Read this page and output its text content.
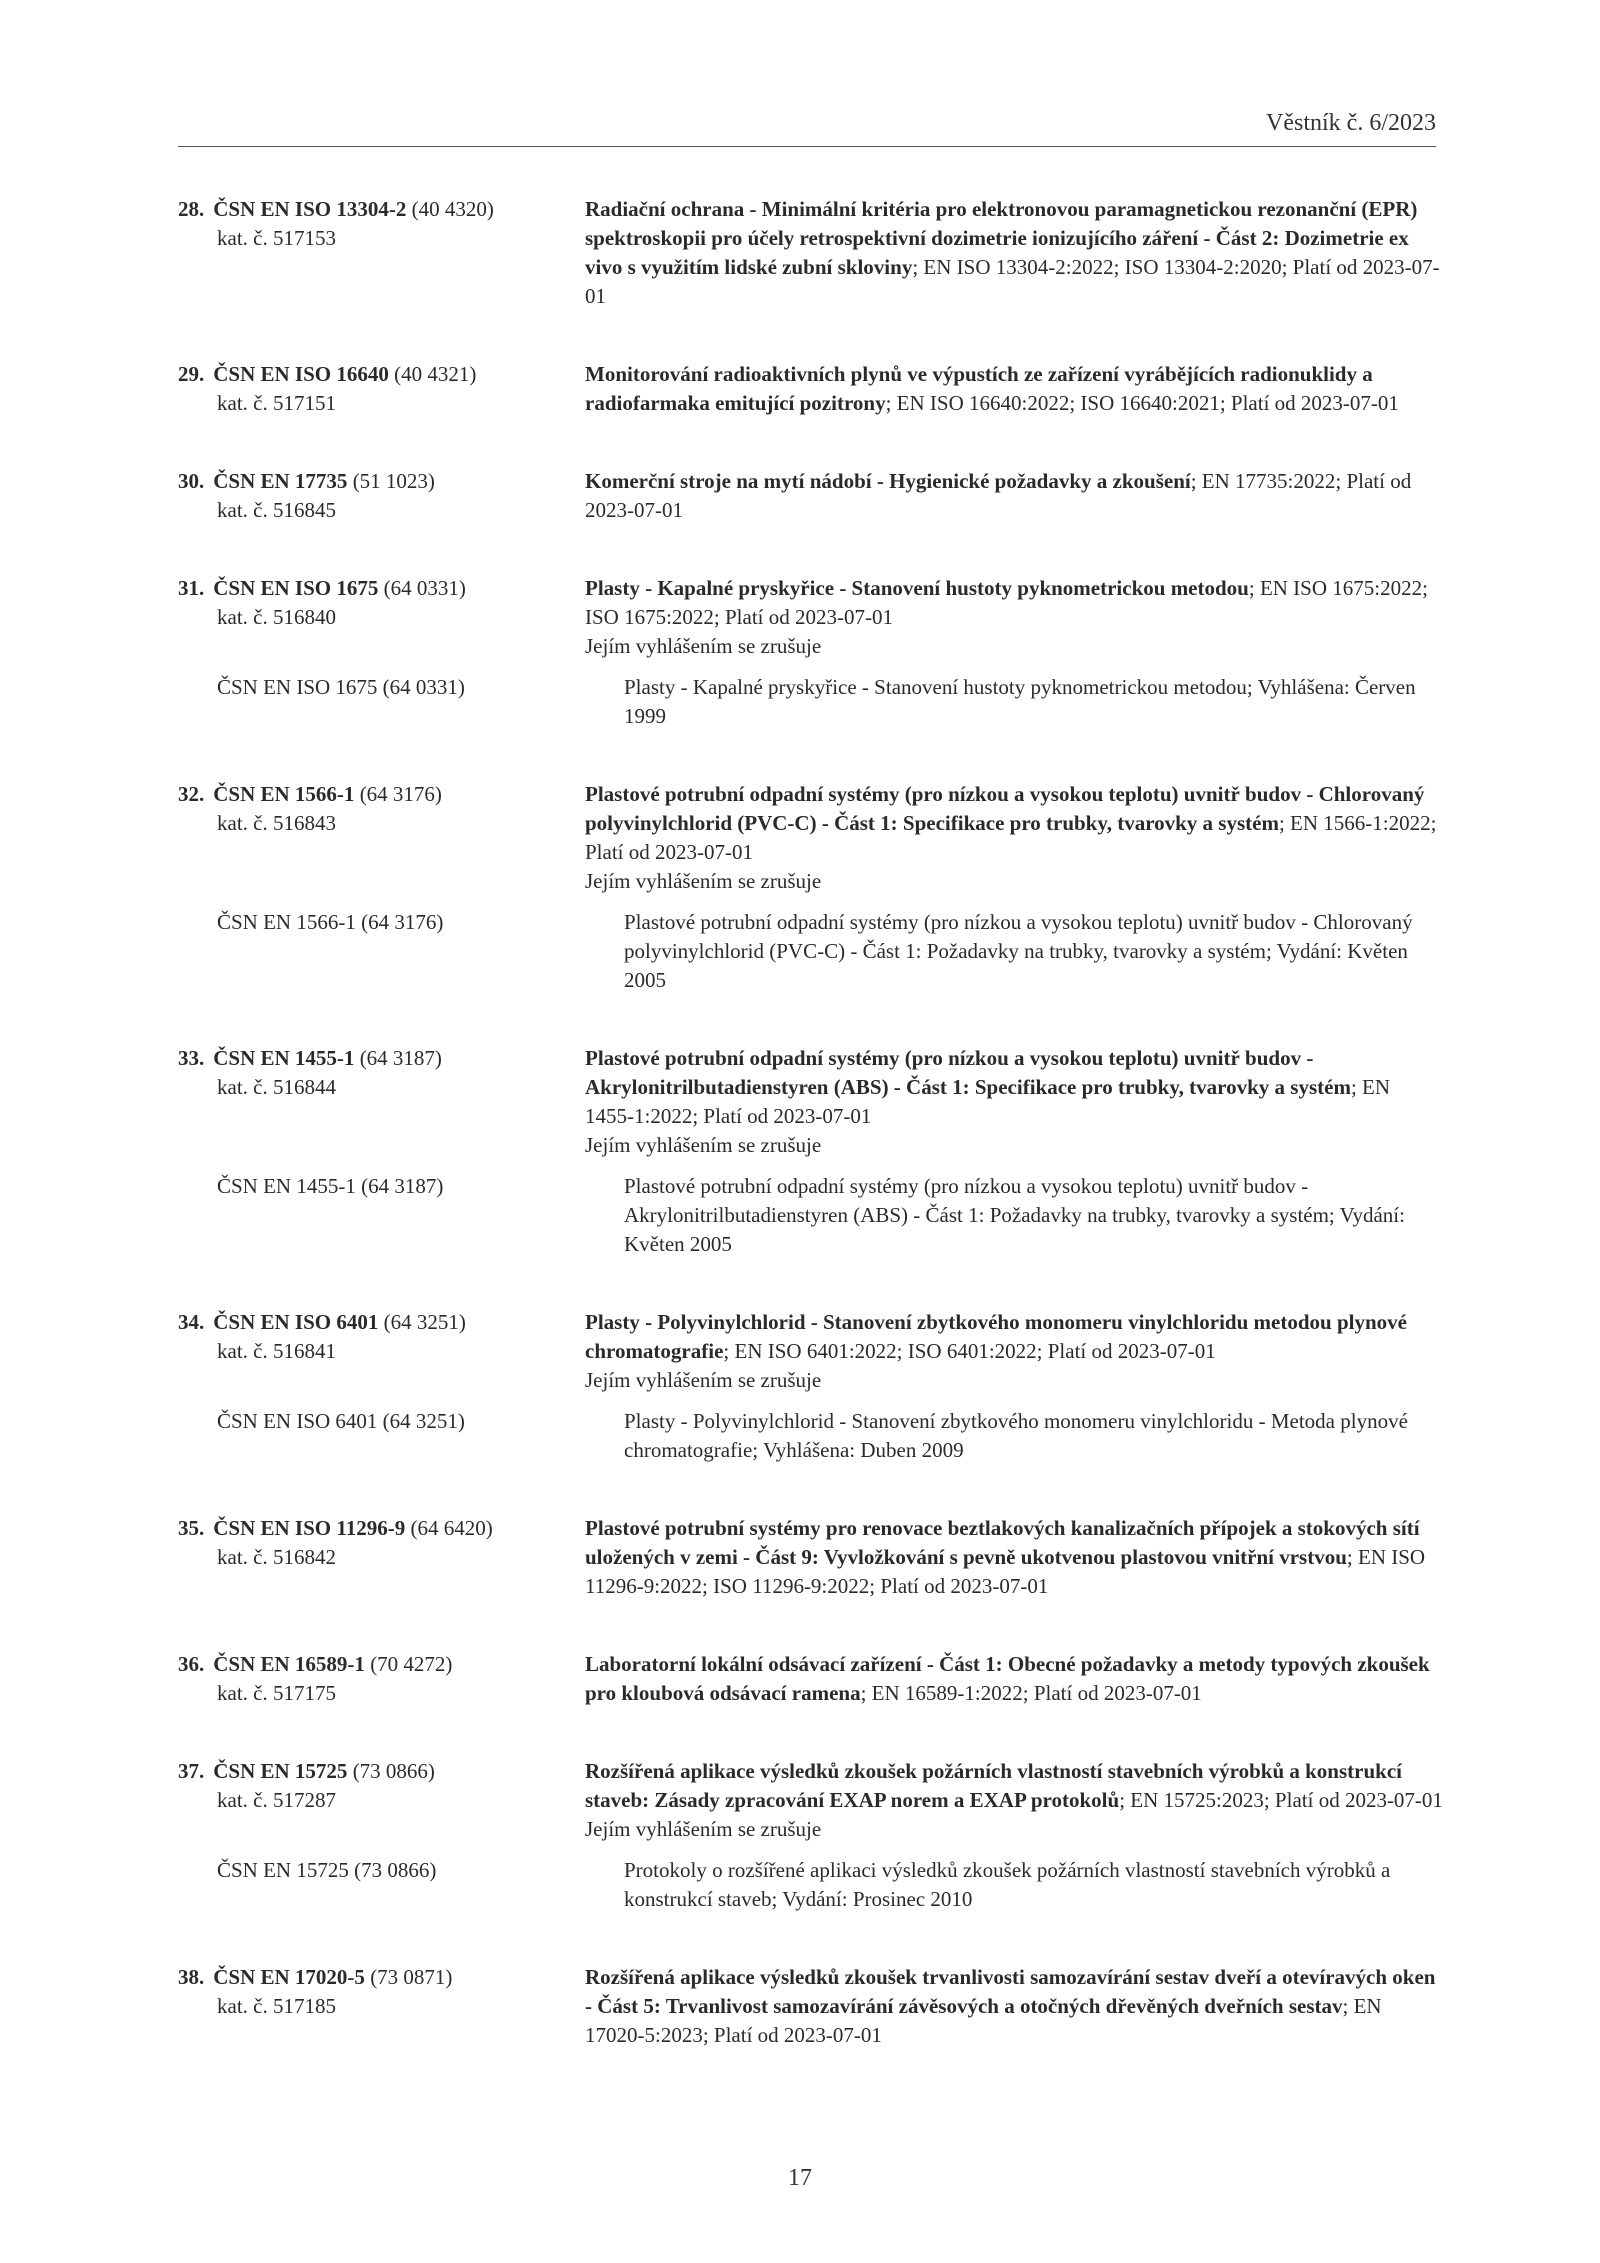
Věstník č. 6/2023
28. ČSN EN ISO 13304-2 (40 4320)
kat. č. 517153
Radiační ochrana - Minimální kritéria pro elektronovou paramagnetickou rezonanční (EPR) spektroskopii pro účely retrospektivní dozimetrie ionizujícího záření - Část 2: Dozimetrie ex vivo s využitím lidské zubní skloviny; EN ISO 13304-2:2022; ISO 13304-2:2020; Platí od 2023-07-01
29. ČSN EN ISO 16640 (40 4321)
kat. č. 517151
Monitorování radioaktivních plynů ve výpustích ze zařízení vyrábějících radionuklidy a radiofarmaka emitující pozitrony; EN ISO 16640:2022; ISO 16640:2021; Platí od 2023-07-01
30. ČSN EN 17735 (51 1023)
kat. č. 516845
Komerční stroje na mytí nádobí - Hygienické požadavky a zkoušení; EN 17735:2022; Platí od 2023-07-01
31. ČSN EN ISO 1675 (64 0331)
kat. č. 516840
Plasty - Kapalné pryskyřice - Stanovení hustoty pyknometrickou metodou; EN ISO 1675:2022; ISO 1675:2022; Platí od 2023-07-01
Jejím vyhlášením se zrušuje
ČSN EN ISO 1675 (64 0331)	Plasty - Kapalné pryskyřice - Stanovení hustoty pyknometrickou metodou; Vyhlášena: Červen 1999
32. ČSN EN 1566-1 (64 3176)
kat. č. 516843
Plastové potrubní odpadní systémy (pro nízkou a vysokou teplotu) uvnitř budov - Chlorovaný polyvinylchlorid (PVC-C) - Část 1: Specifikace pro trubky, tvarovky a systém; EN 1566-1:2022; Platí od 2023-07-01
Jejím vyhlášením se zrušuje
ČSN EN 1566-1 (64 3176)	Plastové potrubní odpadní systémy (pro nízkou a vysokou teplotu) uvnitř budov - Chlorovaný polyvinylchlorid (PVC-C) - Část 1: Požadavky na trubky, tvarovky a systém; Vydání: Květen 2005
33. ČSN EN 1455-1 (64 3187)
kat. č. 516844
Plastové potrubní odpadní systémy (pro nízkou a vysokou teplotu) uvnitř budov - Akrylonitrilbutadienstyren (ABS) - Část 1: Specifikace pro trubky, tvarovky a systém; EN 1455-1:2022; Platí od 2023-07-01
Jejím vyhlášením se zrušuje
ČSN EN 1455-1 (64 3187)	Plastové potrubní odpadní systémy (pro nízkou a vysokou teplotu) uvnitř budov - Akrylonitrilbutadienstyren (ABS) - Část 1: Požadavky na trubky, tvarovky a systém; Vydání: Květen 2005
34. ČSN EN ISO 6401 (64 3251)
kat. č. 516841
Plasty - Polyvinylchlorid - Stanovení zbytkového monomeru vinylchloridu metodou plynové chromatografie; EN ISO 6401:2022; ISO 6401:2022; Platí od 2023-07-01
Jejím vyhlášením se zrušuje
ČSN EN ISO 6401 (64 3251)	Plasty - Polyvinylchlorid - Stanovení zbytkového monomeru vinylchloridu - Metoda plynové chromatografie; Vyhlášena: Duben 2009
35. ČSN EN ISO 11296-9 (64 6420)
kat. č. 516842
Plastové potrubní systémy pro renovace beztlakových kanalizačních přípojek a stokových sítí uložených v zemi - Část 9: Vyvložkování s pevně ukotvenou plastovou vnitřní vrstvou; EN ISO 11296-9:2022; ISO 11296-9:2022; Platí od 2023-07-01
36. ČSN EN 16589-1 (70 4272)
kat. č. 517175
Laboratorní lokální odsávací zařízení - Část 1: Obecné požadavky a metody typových zkoušek pro kloubová odsávací ramena; EN 16589-1:2022; Platí od 2023-07-01
37. ČSN EN 15725 (73 0866)
kat. č. 517287
Rozšířená aplikace výsledků zkoušek požárních vlastností stavebních výrobků a konstrukcí staveb: Zásady zpracování EXAP norem a EXAP protokolů; EN 15725:2023; Platí od 2023-07-01
Jejím vyhlášením se zrušuje
ČSN EN 15725 (73 0866)	Protokoly o rozšířené aplikaci výsledků zkoušek požárních vlastností stavebních výrobků a konstrukcí staveb; Vydání: Prosinec 2010
38. ČSN EN 17020-5 (73 0871)
kat. č. 517185
Rozšířená aplikace výsledků zkoušek trvanlivosti samozavírání sestav dveří a otevíravých oken - Část 5: Trvanlivost samozavírání závěsových a otočných dřevěných dveřních sestav; EN 17020-5:2023; Platí od 2023-07-01
17
